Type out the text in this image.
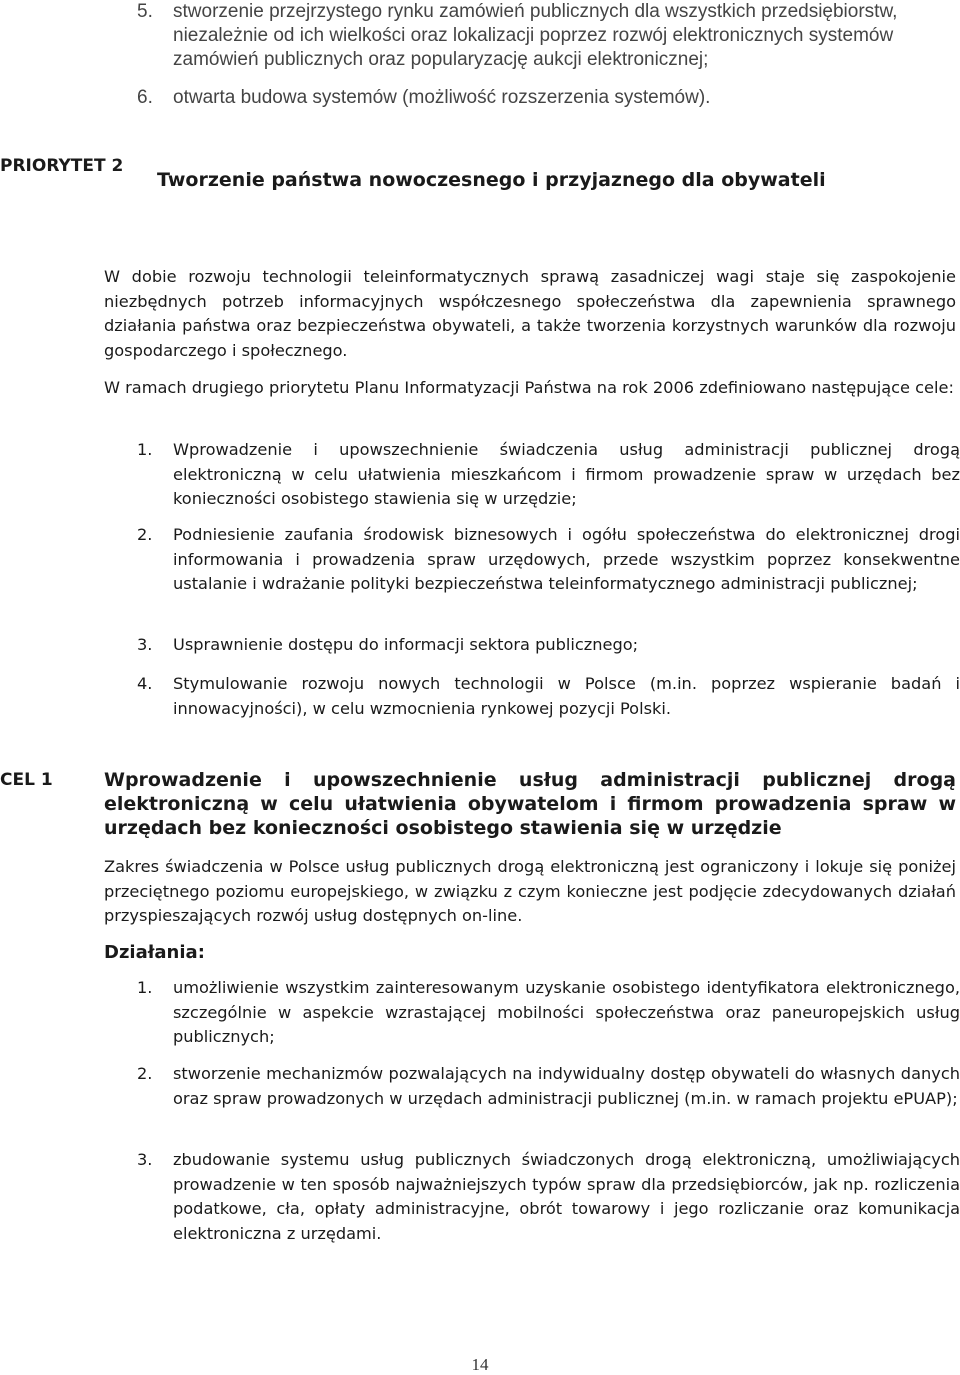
5. stworzenie przejrzystego rynku zamówień publicznych dla wszystkich przedsiębiorstw, niezależnie od ich wielkości oraz lokalizacji poprzez rozwój elektronicznych systemów zamówień publicznych oraz popularyzację aukcji elektronicznej;
6. otwarta budowa systemów (możliwość rozszerzenia systemów).
PRIORYTET 2
Tworzenie państwa nowoczesnego i przyjaznego dla obywateli
W dobie rozwoju technologii teleinformatycznych sprawą zasadniczej wagi staje się zaspokojenie niezbędnych potrzeb informacyjnych współczesnego społeczeństwa dla zapewnienia sprawnego działania państwa oraz bezpieczeństwa obywateli, a także tworzenia korzystnych warunków dla rozwoju gospodarczego i społecznego.
W ramach drugiego priorytetu Planu Informatyzacji Państwa na rok 2006 zdefiniowano następujące cele:
1. Wprowadzenie i upowszechnienie świadczenia usług administracji publicznej drogą elektroniczną w celu ułatwienia mieszkańcom i firmom prowadzenie spraw w urzędach bez konieczności osobistego stawienia się w urzędzie;
2. Podniesienie zaufania środowisk biznesowych i ogółu społeczeństwa do elektronicznej drogi informowania i prowadzenia spraw urzędowych, przede wszystkim poprzez konsekwentne ustalanie i wdrażanie polityki bezpieczeństwa teleinformatycznego administracji publicznej;
3. Usprawnienie dostępu do informacji sektora publicznego;
4. Stymulowanie rozwoju nowych technologii w Polsce (m.in. poprzez wspieranie badań i innowacyjności), w celu wzmocnienia rynkowej pozycji Polski.
CEL 1	Wprowadzenie i upowszechnienie usług administracji publicznej drogą elektroniczną w celu ułatwienia obywatelom i firmom prowadzenia spraw w urzędach bez konieczności osobistego stawienia się w urzędzie
Zakres świadczenia w Polsce usług publicznych drogą elektroniczną jest ograniczony i lokuje się poniżej przeciętnego poziomu europejskiego, w związku z czym konieczne jest podjęcie zdecydowanych działań przyspieszających rozwój usług dostępnych on-line.
Działania:
1. umożliwienie wszystkim zainteresowanym uzyskanie osobistego identyfikatora elektronicznego, szczególnie w aspekcie wzrastającej mobilności społeczeństwa oraz paneuropejskich usług publicznych;
2. stworzenie mechanizmów pozwalających na indywidualny dostęp obywateli do własnych danych oraz spraw prowadzonych w urzędach administracji publicznej (m.in. w ramach projektu ePUAP);
3. zbudowanie systemu usług publicznych świadczonych drogą elektroniczną, umożliwiających prowadzenie w ten sposób najważniejszych typów spraw dla przedsiębiorców, jak np. rozliczenia podatkowe, cła, opłaty administracyjne, obrót towarowy i jego rozliczanie oraz komunikacja elektroniczna z urzędami.
14
